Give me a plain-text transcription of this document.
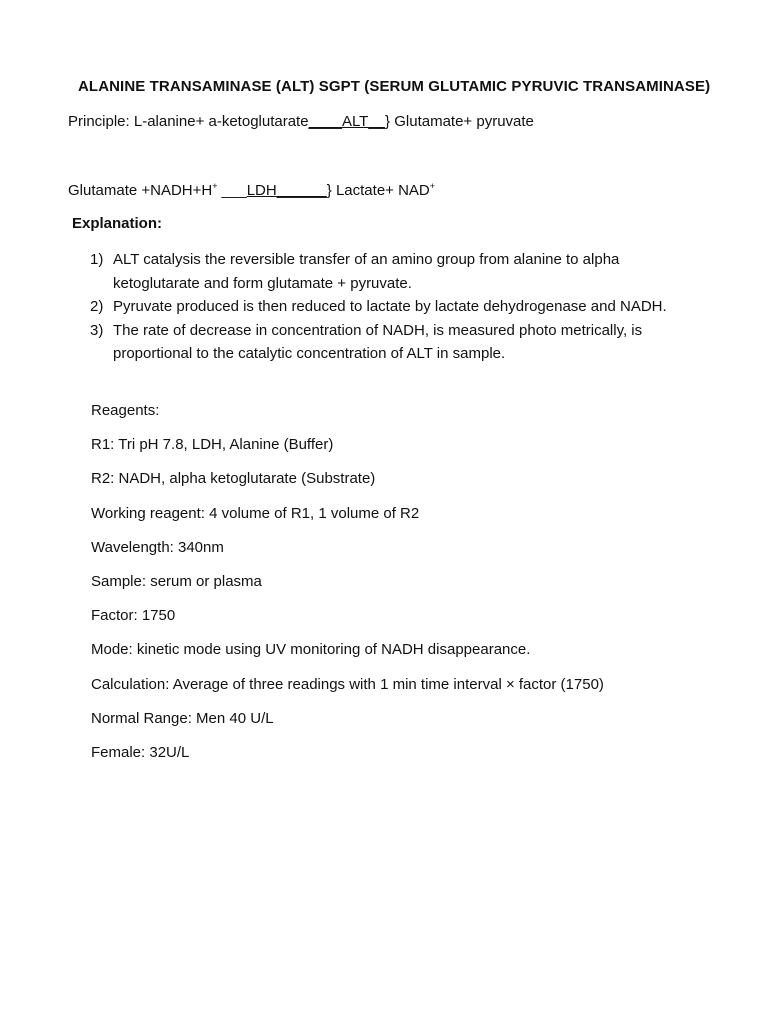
ALANINE TRANSAMINASE (ALT) SGPT (SERUM GLUTAMIC PYRUVIC TRANSAMINASE)
Principle: L-alanine+ a-ketoglutarate____ALT__} Glutamate+ pyruvate
Glutamate +NADH+H+ ___LDH______} Lactate+ NAD+
Explanation:
1) ALT catalysis the reversible transfer of an amino group from alanine to alpha ketoglutarate and form glutamate + pyruvate.
2) Pyruvate produced is then reduced to lactate by lactate dehydrogenase and NADH.
3) The rate of decrease in concentration of NADH, is measured photo metrically, is proportional to the catalytic concentration of ALT in sample.
Reagents:
R1: Tri pH 7.8, LDH, Alanine (Buffer)
R2: NADH, alpha ketoglutarate (Substrate)
Working reagent: 4 volume of R1, 1 volume of R2
Wavelength: 340nm
Sample: serum or plasma
Factor: 1750
Mode: kinetic mode using UV monitoring of NADH disappearance.
Calculation: Average of three readings with 1 min time interval × factor (1750)
Normal Range: Men 40 U/L
Female: 32U/L
